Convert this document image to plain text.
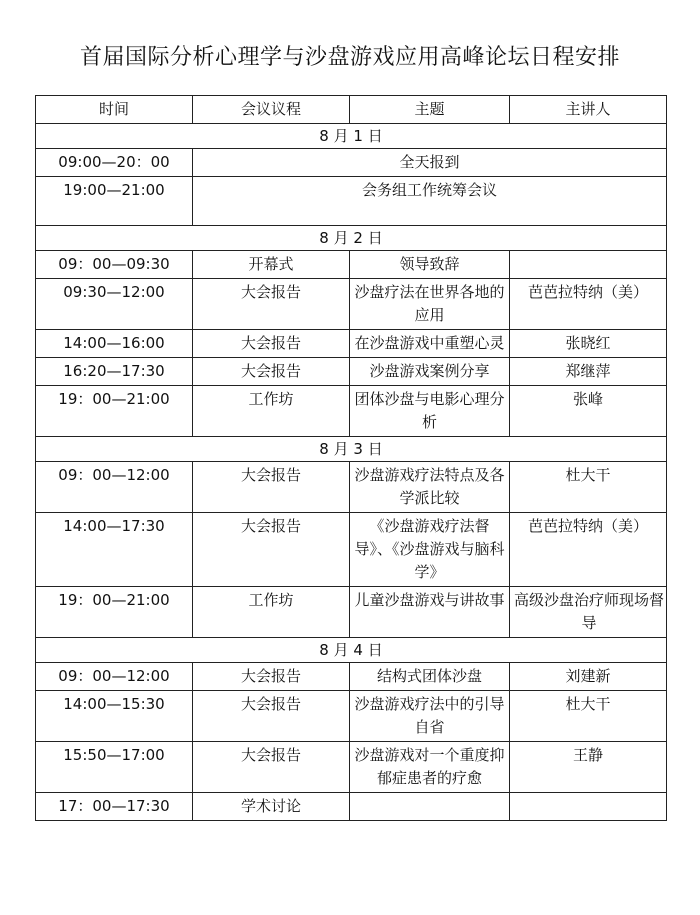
首届国际分析心理学与沙盘游戏应用高峰论坛日程安排
时间	会议议程	主题	主讲人
8 月 1 日			
09:00—20：00	全天报到		
19:00—21:00	会务组工作统筹会议		
8 月 2 日			
09：00—09:30	开幕式	领导致辞	
09:30—12:00	大会报告	沙盘疗法在世界各地的应用	芭芭拉特纳（美）
14:00—16:00	大会报告	在沙盘游戏中重塑心灵	张晓红
16:20—17:30	大会报告	沙盘游戏案例分享	郑继萍
19：00—21:00	工作坊	团体沙盘与电影心理分析	张峰
8 月 3 日			
09：00—12:00	大会报告	沙盘游戏疗法特点及各学派比较	杜大干
14:00—17:30	大会报告	《沙盘游戏疗法督导》、《沙盘游戏与脑科学》	芭芭拉特纳（美）
19：00—21:00	工作坊	儿童沙盘游戏与讲故事	高级沙盘治疗师现场督导
8 月 4 日			
09：00—12:00	大会报告	结构式团体沙盘	刘建新
14:00—15:30	大会报告	沙盘游戏疗法中的引导自省	杜大干
15:50—17:00	大会报告	沙盘游戏对一个重度抑郁症患者的疗愈	王静
17：00—17:30	学术讨论		
